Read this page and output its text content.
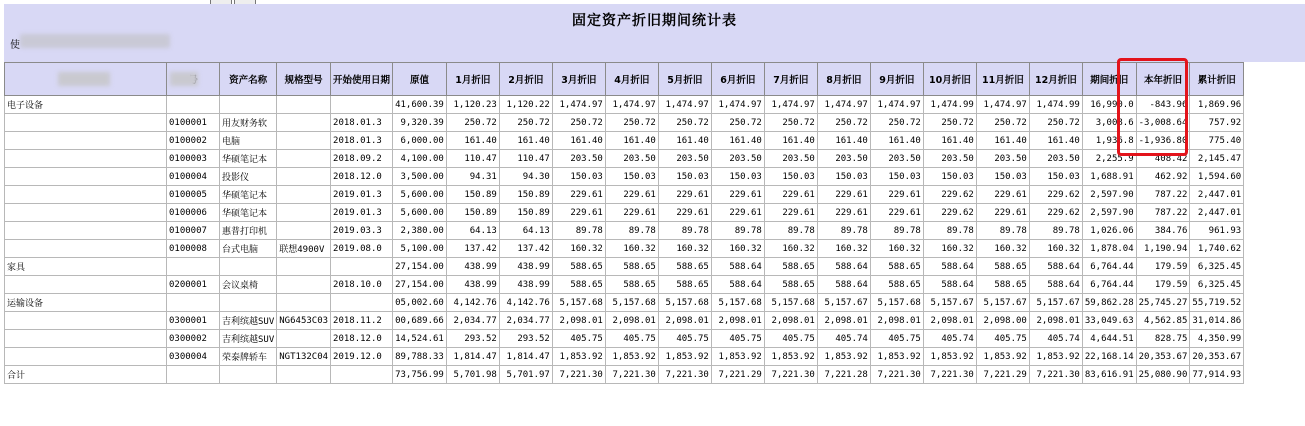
固定资产折旧期间统计表
使
		资产名称	规格型号	开始使用日期	原值	1月折旧	2月折旧	3月折旧	4月折旧	5月折旧	6月折旧	7月折旧	8月折旧	9月折旧	10月折旧	11月折旧	12月折旧	期间折旧	本年折旧	累计折旧
电子设备					41,600.39	1,120.23	1,120.22	1,474.97	1,474.97	1,474.97	1,474.97	1,474.97	1,474.97	1,474.97	1,474.99	1,474.97	1,474.99	16,990.0	-843.96	1,869.96
	0100001	用友财务软		2018.01.3	9,320.39	250.72	250.72	250.72	250.72	250.72	250.72	250.72	250.72	250.72	250.72	250.72	250.72	3,008.6	-3,008.64	757.92
	0100002	电脑		2018.01.3	6,000.00	161.40	161.40	161.40	161.40	161.40	161.40	161.40	161.40	161.40	161.40	161.40	161.40	1,936.8	-1,936.80	775.40
	0100003	华硕笔记本		2018.09.2	4,100.00	110.47	110.47	203.50	203.50	203.50	203.50	203.50	203.50	203.50	203.50	203.50	203.50	2,255.9	408.42	2,145.47
	0100004	投影仪		2018.12.0	3,500.00	94.31	94.30	150.03	150.03	150.03	150.03	150.03	150.03	150.03	150.03	150.03	150.03	1,688.91	462.92	1,594.60
	0100005	华硕笔记本		2019.01.3	5,600.00	150.89	150.89	229.61	229.61	229.61	229.61	229.61	229.61	229.61	229.62	229.61	229.62	2,597.90	787.22	2,447.01
	0100006	华硕笔记本		2019.01.3	5,600.00	150.89	150.89	229.61	229.61	229.61	229.61	229.61	229.61	229.61	229.62	229.61	229.62	2,597.90	787.22	2,447.01
	0100007	惠普打印机		2019.03.3	2,380.00	64.13	64.13	89.78	89.78	89.78	89.78	89.78	89.78	89.78	89.78	89.78	89.78	1,026.06	384.76	961.93
	0100008	台式电脑	联想4900V	2019.08.0	5,100.00	137.42	137.42	160.32	160.32	160.32	160.32	160.32	160.32	160.32	160.32	160.32	160.32	1,878.04	1,190.94	1,740.62
家具					27,154.00	438.99	438.99	588.65	588.65	588.65	588.64	588.65	588.64	588.65	588.64	588.65	588.64	6,764.44	179.59	6,325.45
	0200001	会议桌椅		2018.10.0	27,154.00	438.99	438.99	588.65	588.65	588.65	588.64	588.65	588.64	588.65	588.64	588.65	588.64	6,764.44	179.59	6,325.45
运输设备					05,002.60	4,142.76	4,142.76	5,157.68	5,157.68	5,157.68	5,157.68	5,157.68	5,157.67	5,157.68	5,157.67	5,157.67	5,157.67	59,862.28	25,745.27	55,719.52
	0300001	吉利缤越SUV	NG6453C03	2018.11.2	00,689.66	2,034.77	2,034.77	2,098.01	2,098.01	2,098.01	2,098.01	2,098.01	2,098.01	2,098.01	2,098.01	2,098.00	2,098.01	33,049.63	4,562.85	31,014.86
	0300002	吉利缤越SUV		2018.12.0	14,524.61	293.52	293.52	405.75	405.75	405.75	405.75	405.75	405.74	405.75	405.74	405.75	405.74	4,644.51	828.75	4,350.99
	0300004	荣泰牌轿车	NGT132C04	2019.12.0	89,788.33	1,814.47	1,814.47	1,853.92	1,853.92	1,853.92	1,853.92	1,853.92	1,853.92	1,853.92	1,853.92	1,853.92	1,853.92	22,168.14	20,353.67	20,353.67
合计					73,756.99	5,701.98	5,701.97	7,221.30	7,221.30	7,221.30	7,221.29	7,221.30	7,221.28	7,221.30	7,221.30	7,221.29	7,221.30	83,616.91	25,080.90	77,914.93
